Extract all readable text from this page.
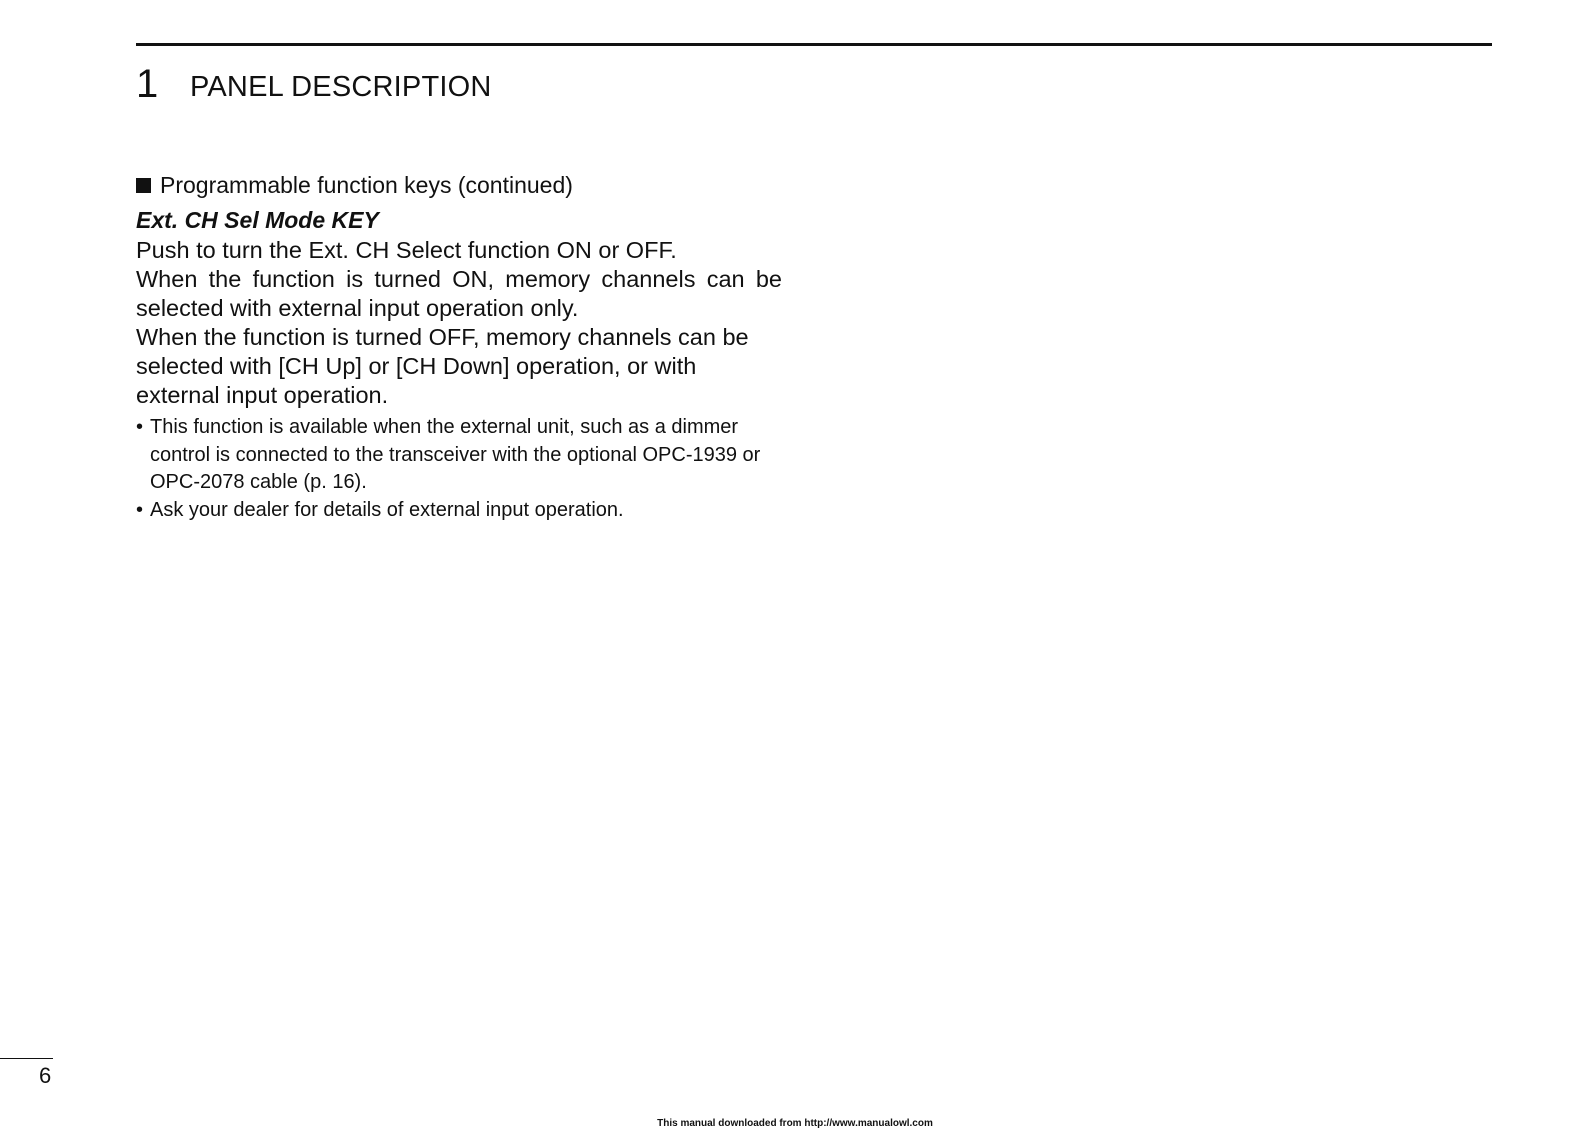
1 PANEL DESCRIPTION
Programmable function keys (continued)
Ext. CH Sel Mode KEY

Push to turn the Ext. CH Select function ON or OFF.

When the function is turned ON, memory channels can be selected with external input operation only.

When the function is turned OFF, memory channels can be selected with [CH Up] or [CH Down] operation, or with external input operation.

• This function is available when the external unit, such as a dimmer control is connected to the transceiver with the optional OPC-1939 or OPC-2078 cable (p. 16).
• Ask your dealer for details of external input operation.
6
This manual downloaded from http://www.manualowl.com
